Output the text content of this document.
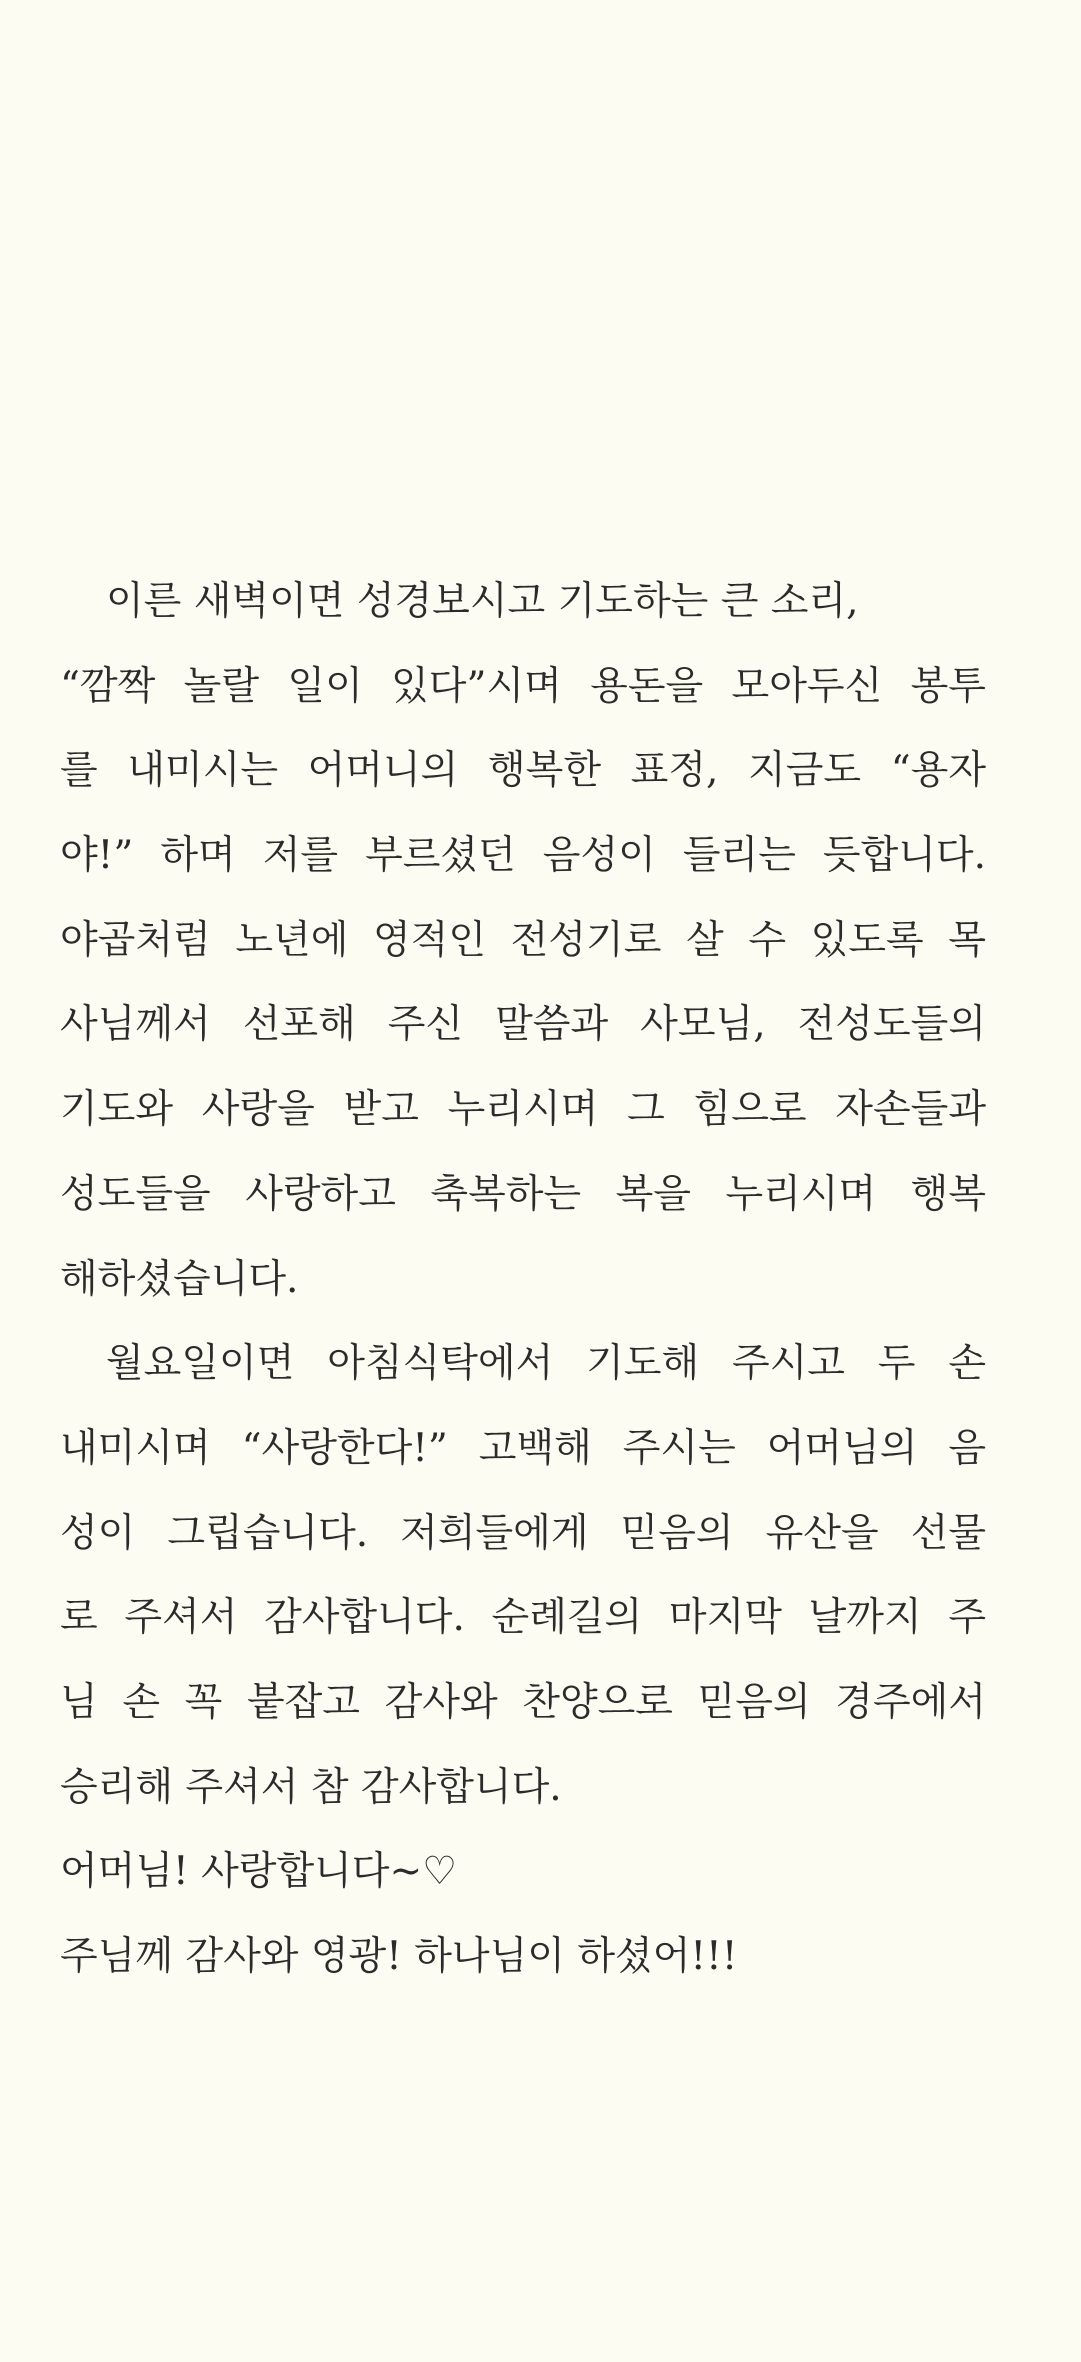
이른 새벽이면 성경보시고 기도하는 큰 소리,
“깜짝 놀랄 일이 있다”시며 용돈을 모아두신 봉투
를 내미시는 어머니의 행복한 표정, 지금도 “용자
야!” 하며 저를 부르셨던 음성이 들리는 듯합니다.
야곱처럼 노년에 영적인 전성기로 살 수 있도록 목
사님께서 선포해 주신 말씀과 사모님, 전성도들의
기도와 사랑을 받고 누리시며 그 힘으로 자손들과
성도들을 사랑하고 축복하는 복을 누리시며 행복
해하셨습니다.
월요일이면 아침식탁에서 기도해 주시고 두 손
내미시며 “사랑한다!” 고백해 주시는 어머님의 음
성이 그립습니다. 저희들에게 믿음의 유산을 선물
로 주셔서 감사합니다. 순례길의 마지막 날까지 주
님 손 꼭 붙잡고 감사와 찬양으로 믿음의 경주에서
승리해 주셔서 참 감사합니다.
어머님! 사랑합니다~♡
주님께 감사와 영광! 하나님이 하셨어!!!
